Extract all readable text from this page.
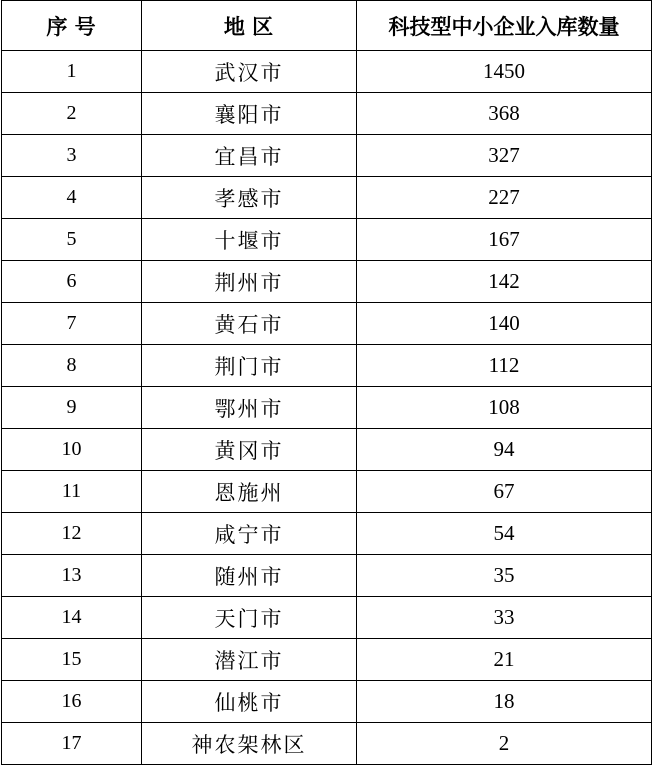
序 号	地 区	科技型中小企业入库数量
1	武汉市	1450
2	襄阳市	368
3	宜昌市	327
4	孝感市	227
5	十堰市	167
6	荆州市	142
7	黄石市	140
8	荆门市	112
9	鄂州市	108
10	黄冈市	94
11	恩施州	67
12	咸宁市	54
13	随州市	35
14	天门市	33
15	潜江市	21
16	仙桃市	18
17	神农架林区	2
